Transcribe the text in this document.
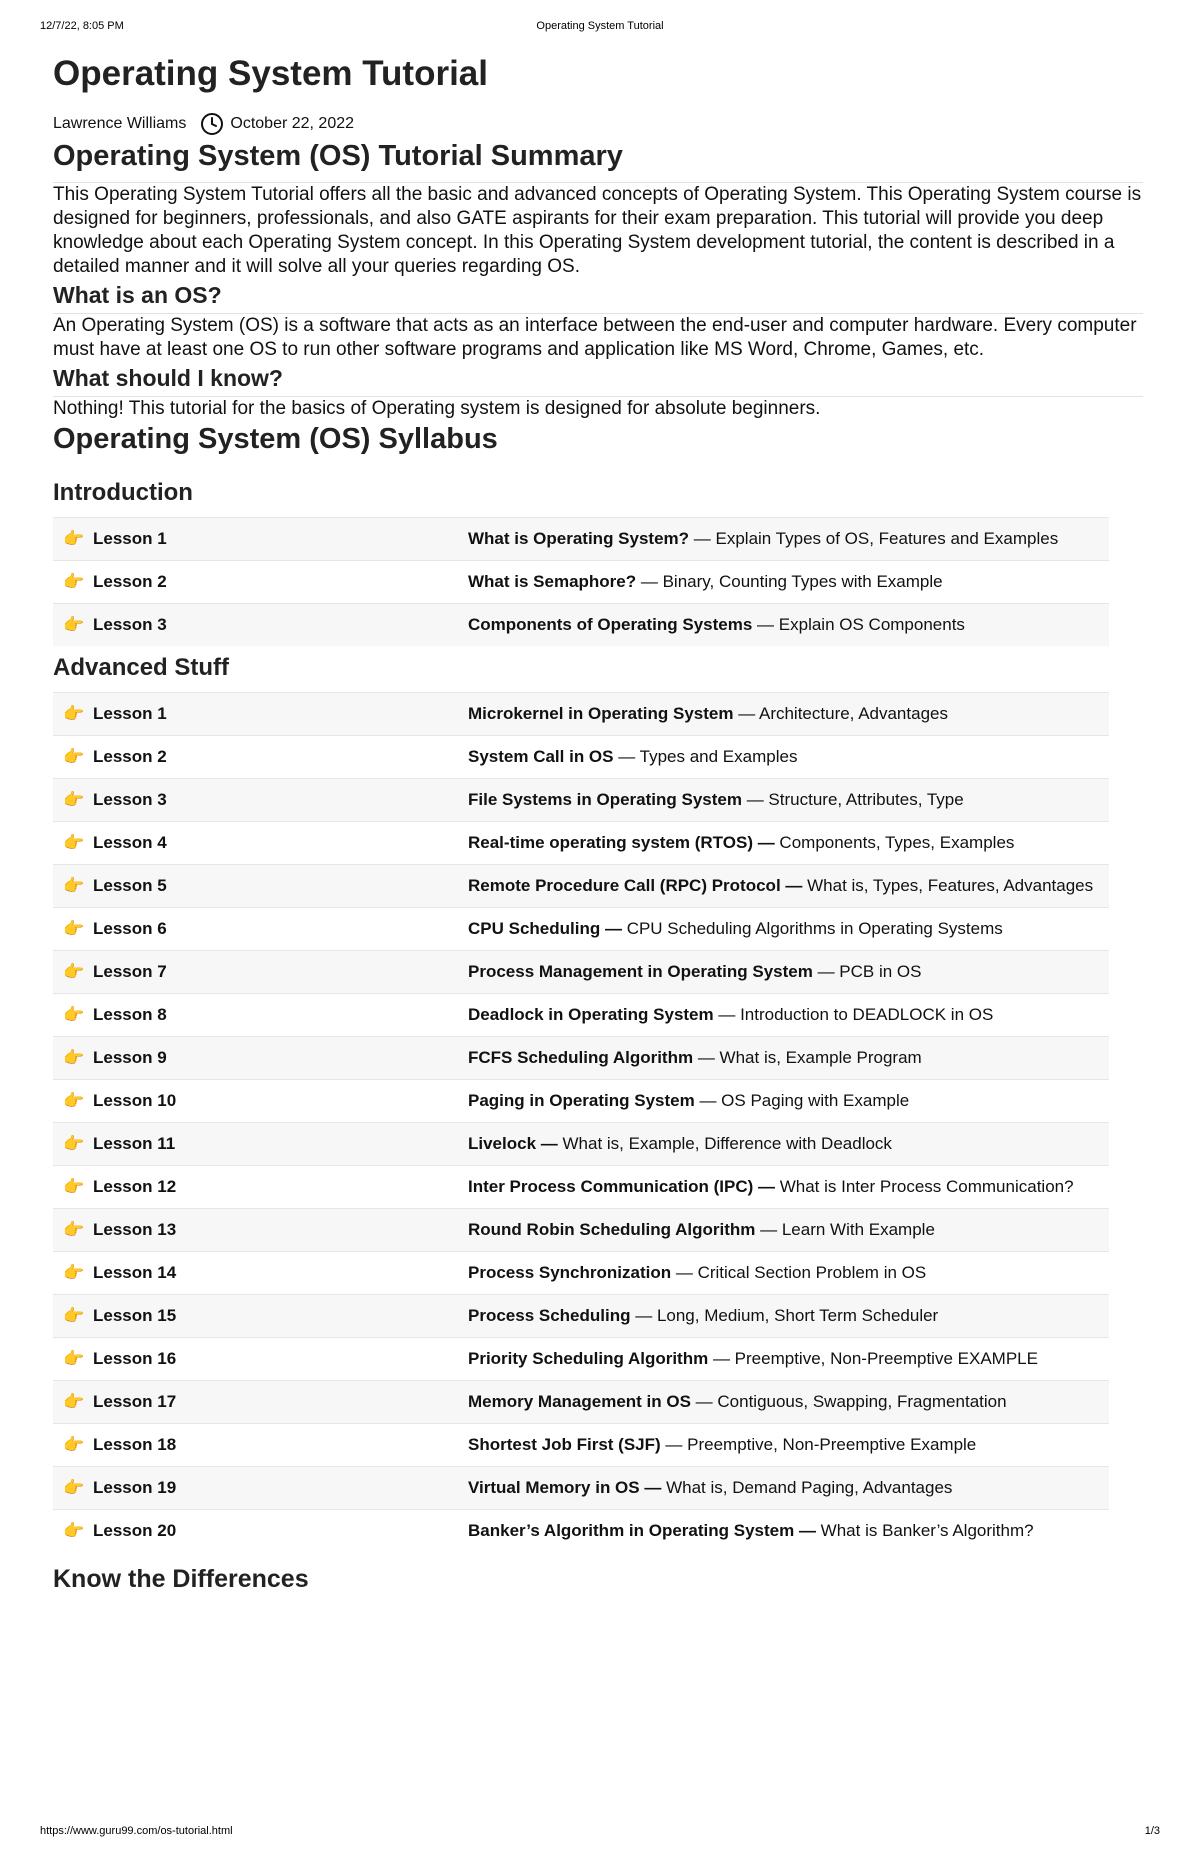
12/7/22, 8:05 PM	Operating System Tutorial
Operating System Tutorial
Lawrence Williams	October 22, 2022
Operating System (OS) Tutorial Summary

This Operating System Tutorial offers all the basic and advanced concepts of Operating System. This Operating System course is designed for beginners, professionals, and also GATE aspirants for their exam preparation. This tutorial will provide you deep knowledge about each Operating System concept. In this Operating System development tutorial, the content is described in a detailed manner and it will solve all your queries regarding OS.

What is an OS?

An Operating System (OS) is a software that acts as an interface between the end-user and computer hardware. Every computer must have at least one OS to run other software programs and application like MS Word, Chrome, Games, etc.

What should I know?

Nothing! This tutorial for the basics of Operating system is designed for absolute beginners.

Operating System (OS) Syllabus
Introduction
👉 Lesson 1	What is Operating System? — Explain Types of OS, Features and Examples
👉 Lesson 2	What is Semaphore? — Binary, Counting Types with Example
👉 Lesson 3	Components of Operating Systems — Explain OS Components
Advanced Stuff
👉 Lesson 1	Microkernel in Operating System — Architecture, Advantages
👉 Lesson 2	System Call in OS — Types and Examples
👉 Lesson 3	File Systems in Operating System — Structure, Attributes, Type
👉 Lesson 4	Real-time operating system (RTOS) — Components, Types, Examples
👉 Lesson 5	Remote Procedure Call (RPC) Protocol — What is, Types, Features, Advantages
👉 Lesson 6	CPU Scheduling — CPU Scheduling Algorithms in Operating Systems
👉 Lesson 7	Process Management in Operating System — PCB in OS
👉 Lesson 8	Deadlock in Operating System — Introduction to DEADLOCK in OS
👉 Lesson 9	FCFS Scheduling Algorithm — What is, Example Program
👉 Lesson 10	Paging in Operating System — OS Paging with Example
👉 Lesson 11	Livelock — What is, Example, Difference with Deadlock
👉 Lesson 12	Inter Process Communication (IPC) — What is Inter Process Communication?
👉 Lesson 13	Round Robin Scheduling Algorithm — Learn With Example
👉 Lesson 14	Process Synchronization — Critical Section Problem in OS
👉 Lesson 15	Process Scheduling — Long, Medium, Short Term Scheduler
👉 Lesson 16	Priority Scheduling Algorithm — Preemptive, Non-Preemptive EXAMPLE
👉 Lesson 17	Memory Management in OS — Contiguous, Swapping, Fragmentation
👉 Lesson 18	Shortest Job First (SJF) — Preemptive, Non-Preemptive Example
👉 Lesson 19	Virtual Memory in OS — What is, Demand Paging, Advantages
👉 Lesson 20	Banker’s Algorithm in Operating System — What is Banker’s Algorithm?
Know the Differences
https://www.guru99.com/os-tutorial.html	1/3
